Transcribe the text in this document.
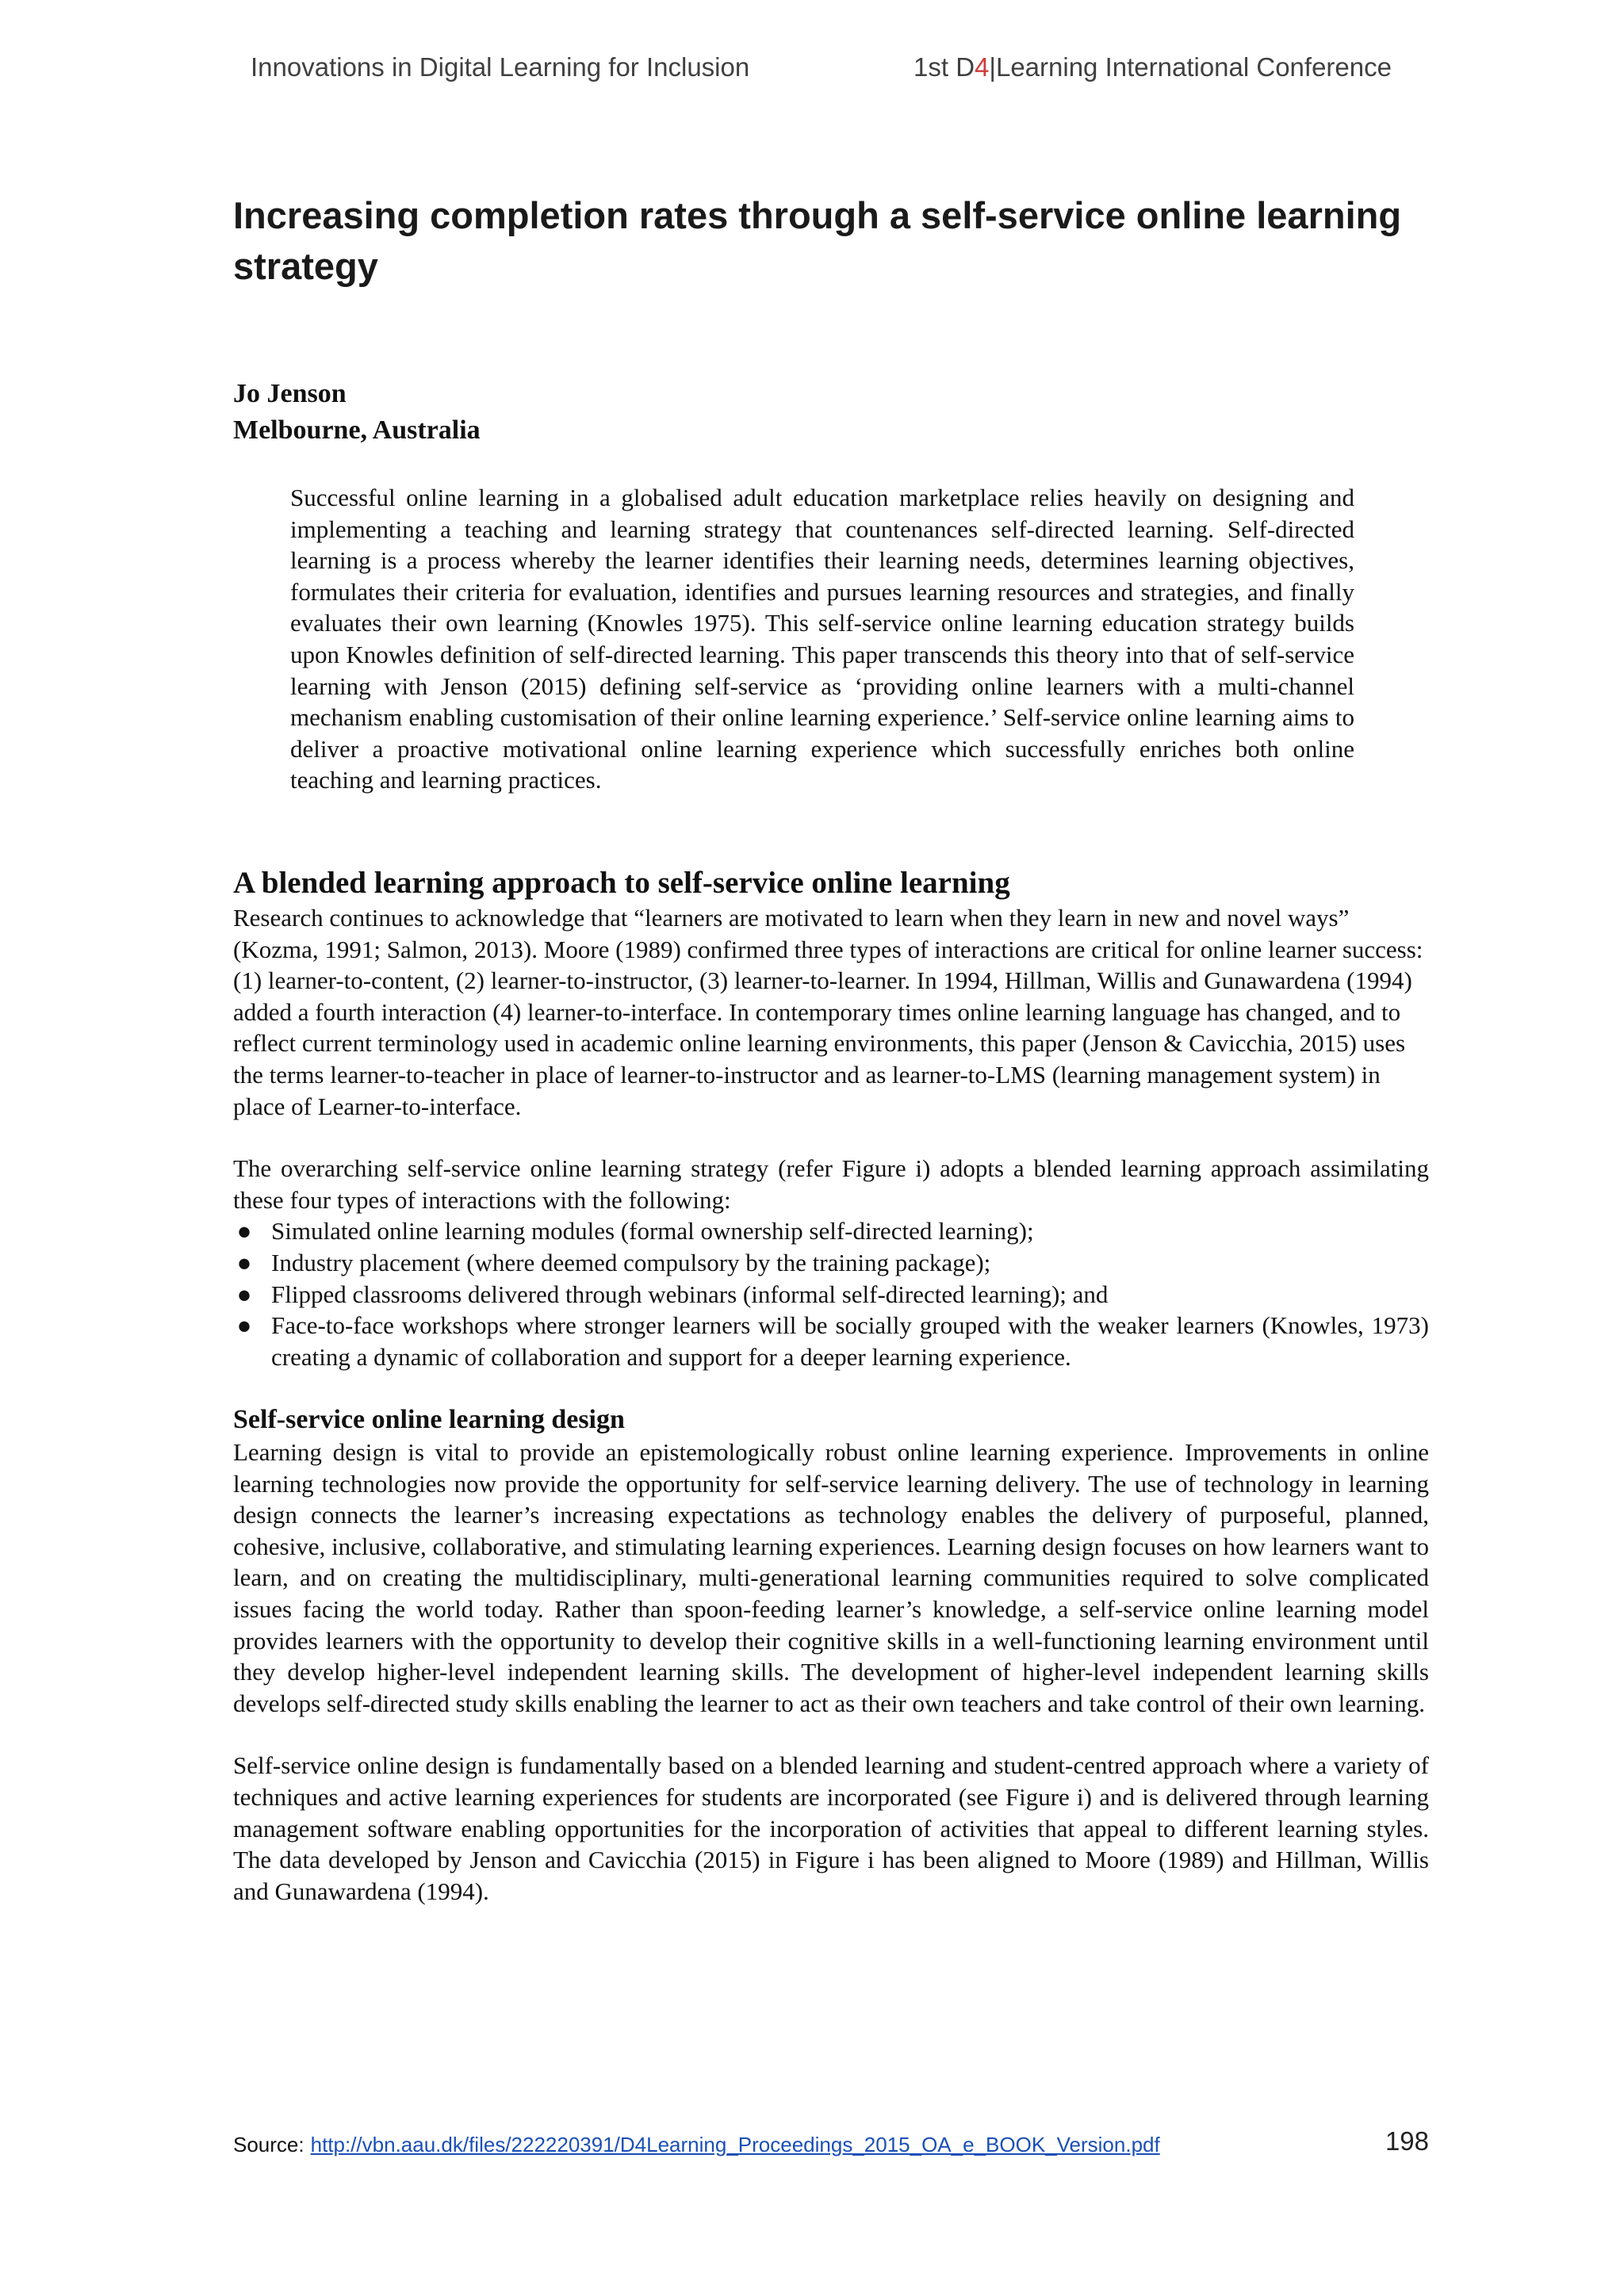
Innovations in Digital Learning for Inclusion	1st D4|Learning International Conference
Increasing completion rates through a self-service online learning strategy
Jo Jenson
Melbourne, Australia

Successful online learning in a globalised adult education marketplace relies heavily on designing and implementing a teaching and learning strategy that countenances self-directed learning. Self-directed learning is a process whereby the learner identifies their learning needs, determines learning objectives, formulates their criteria for evaluation, identifies and pursues learning resources and strategies, and finally evaluates their own learning (Knowles 1975). This self-service online learning education strategy builds upon Knowles definition of self-directed learning. This paper transcends this theory into that of self-service learning with Jenson (2015) defining self-service as ‘providing online learners with a multi-channel mechanism enabling customisation of their online learning experience.’ Self-service online learning aims to deliver a proactive motivational online learning experience which successfully enriches both online teaching and learning practices.

A blended learning approach to self-service online learning

Research continues to acknowledge that “learners are motivated to learn when they learn in new and novel ways” (Kozma, 1991; Salmon, 2013). Moore (1989) confirmed three types of interactions are critical for online learner success: (1) learner-to-content, (2) learner-to-instructor, (3) learner-to-learner. In 1994, Hillman, Willis and Gunawardena (1994) added a fourth interaction (4) learner-to-interface. In contemporary times online learning language has changed, and to reflect current terminology used in academic online learning environments, this paper (Jenson & Cavicchia, 2015) uses the terms learner-to-teacher in place of learner-to-instructor and as learner-to-LMS (learning management system) in place of Learner-to-interface.

The overarching self-service online learning strategy (refer Figure i) adopts a blended learning approach assimilating these four types of interactions with the following:

● Simulated online learning modules (formal ownership self-directed learning);
● Industry placement (where deemed compulsory by the training package);
● Flipped classrooms delivered through webinars (informal self-directed learning); and
● Face-to-face workshops where stronger learners will be socially grouped with the weaker learners (Knowles, 1973) creating a dynamic of collaboration and support for a deeper learning experience.
Self-service online learning design

Learning design is vital to provide an epistemologically robust online learning experience. Improvements in online learning technologies now provide the opportunity for self-service learning delivery. The use of technology in learning design connects the learner’s increasing expectations as technology enables the delivery of purposeful, planned, cohesive, inclusive, collaborative, and stimulating learning experiences. Learning design focuses on how learners want to learn, and on creating the multidisciplinary, multi-generational learning communities required to solve complicated issues facing the world today. Rather than spoon-feeding learner’s knowledge, a self-service online learning model provides learners with the opportunity to develop their cognitive skills in a well-functioning learning environment until they develop higher-level independent learning skills. The development of higher-level independent learning skills develops self-directed study skills enabling the learner to act as their own teachers and take control of their own learning.

Self-service online design is fundamentally based on a blended learning and student-centred approach where a variety of techniques and active learning experiences for students are incorporated (see Figure i) and is delivered through learning management software enabling opportunities for the incorporation of activities that appeal to different learning styles. The data developed by Jenson and Cavicchia (2015) in Figure i has been aligned to Moore (1989) and Hillman, Willis and Gunawardena (1994).

Source: http://vbn.aau.dk/files/222220391/D4Learning_Proceedings_2015_OA_e_BOOK_Version.pdf	198
